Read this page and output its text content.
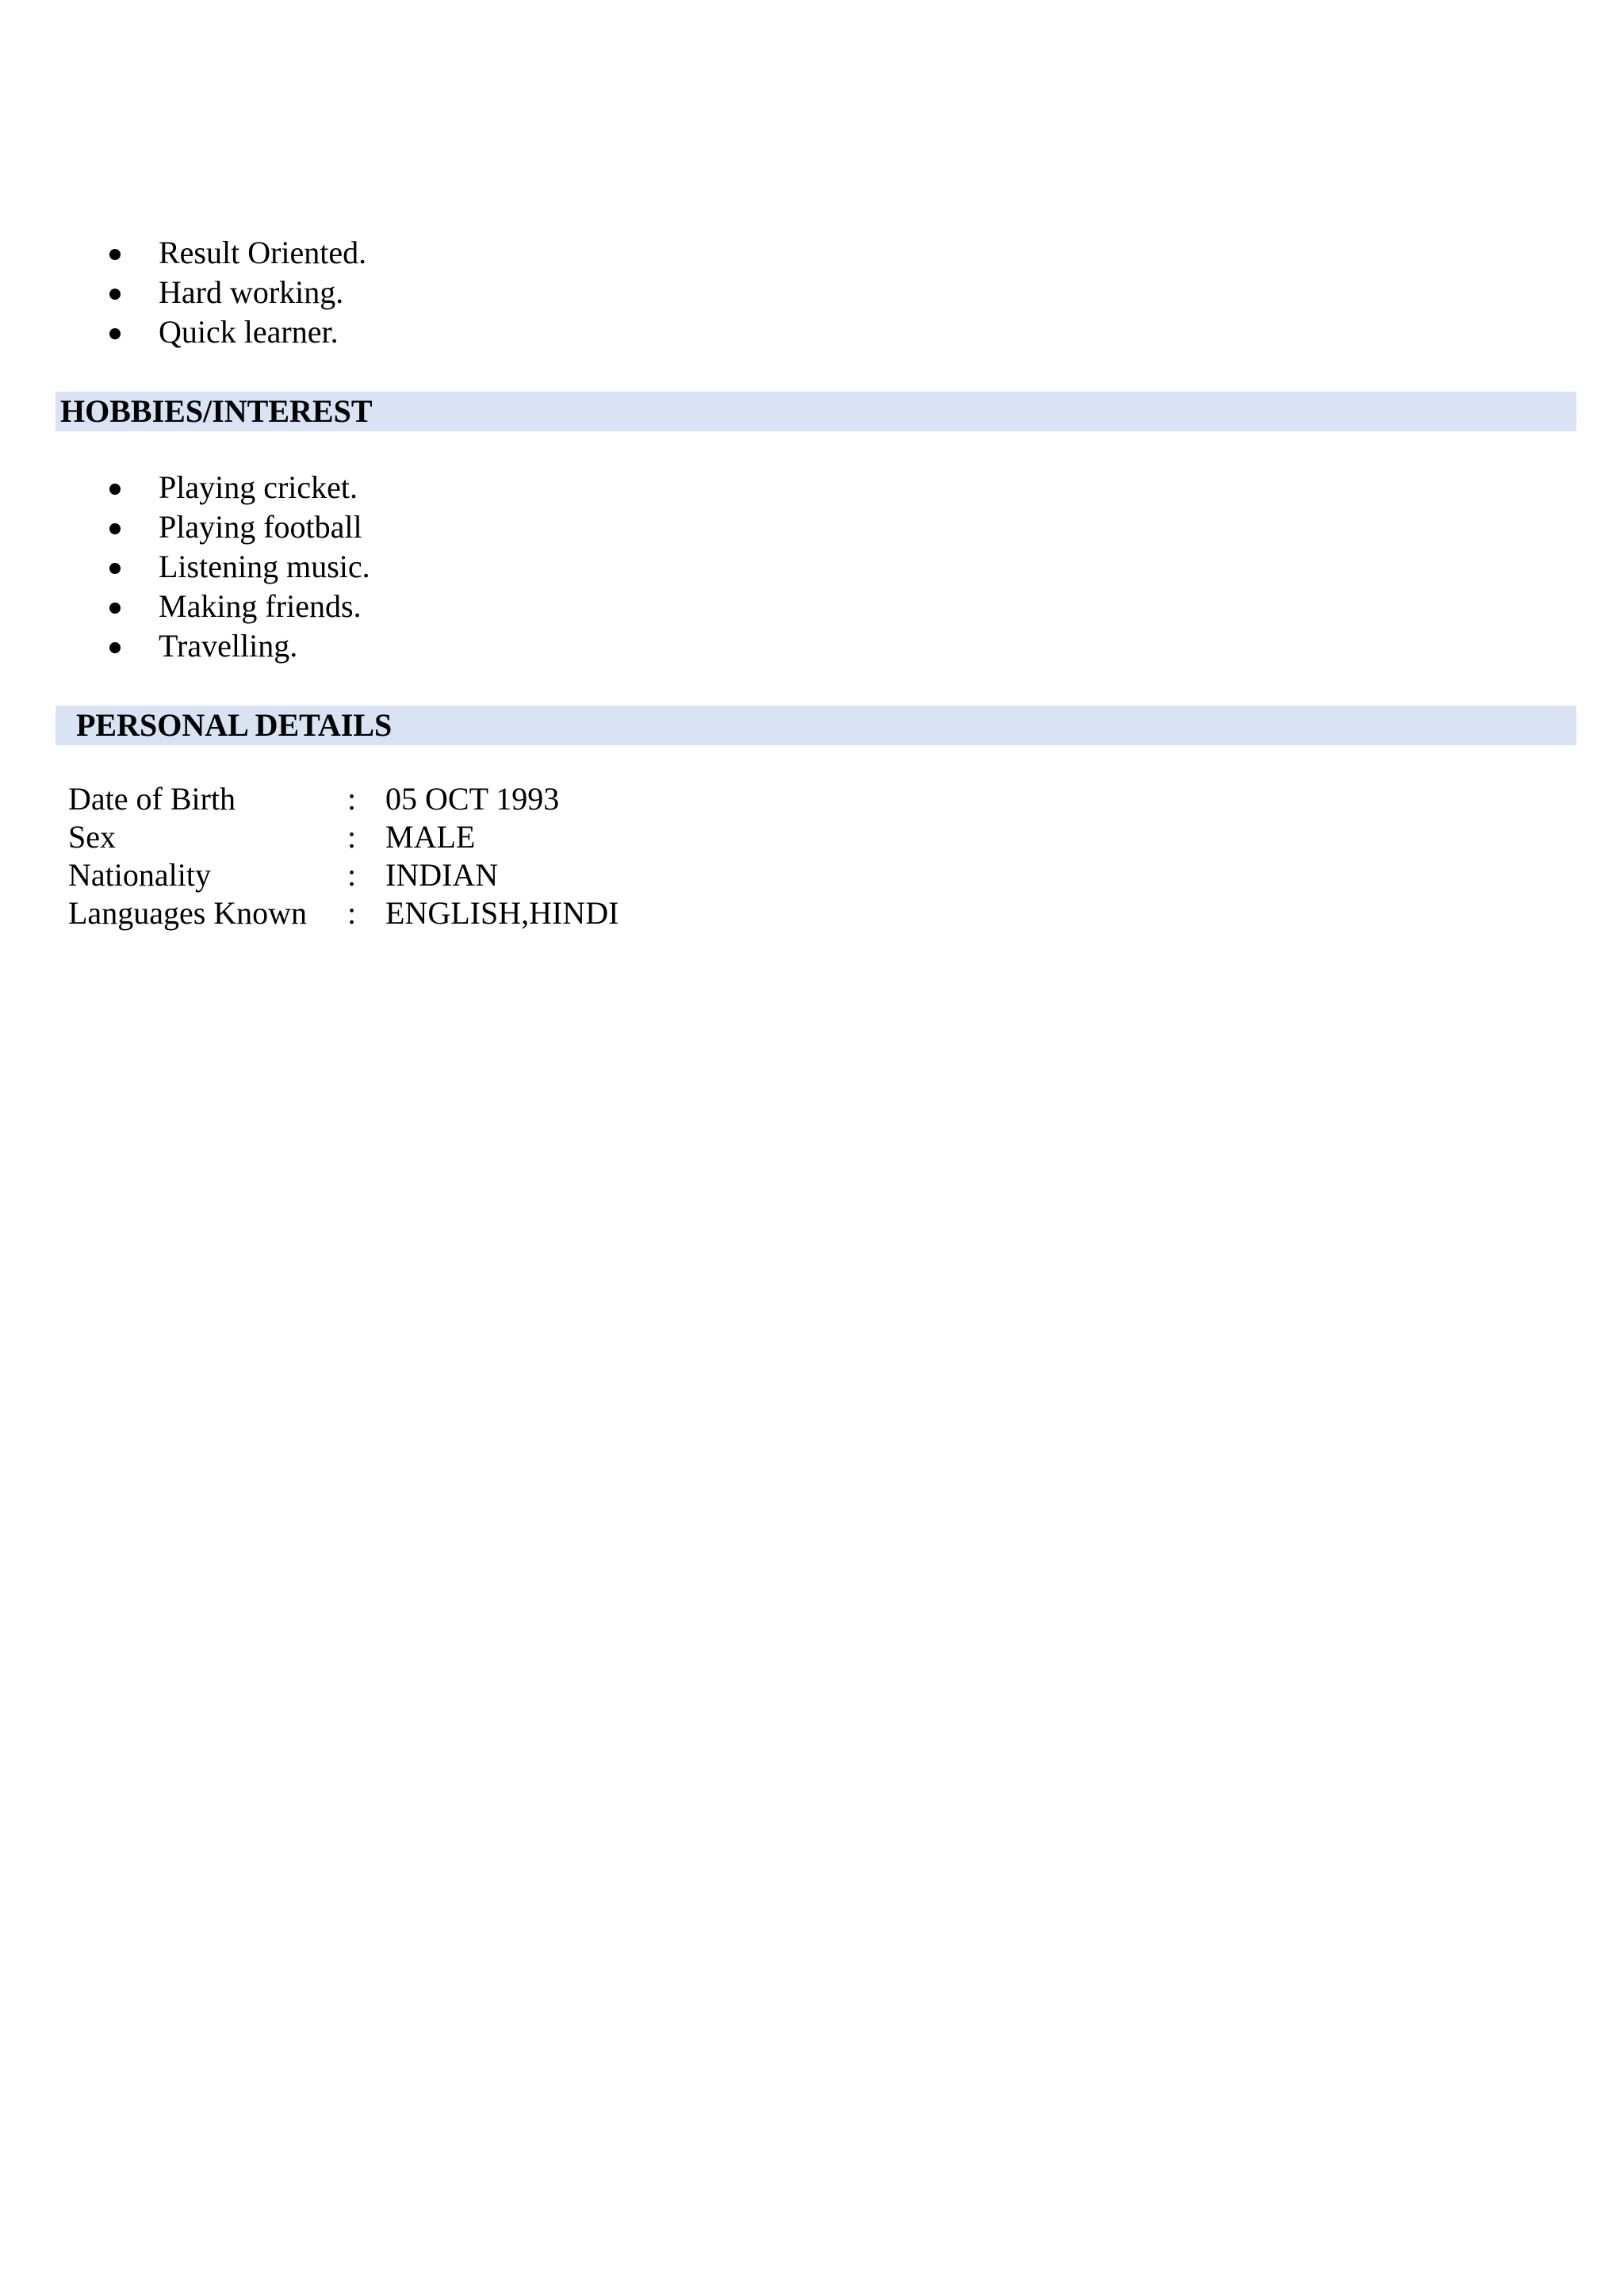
Result Oriented.
Hard working.
Quick learner.
HOBBIES/INTEREST
Playing cricket.
Playing football
Listening music.
Making friends.
Travelling.
PERSONAL DETAILS
Date of Birth	:	05 OCT 1993
Sex	:	MALE
Nationality	:	INDIAN
Languages Known	:	ENGLISH,HINDI
